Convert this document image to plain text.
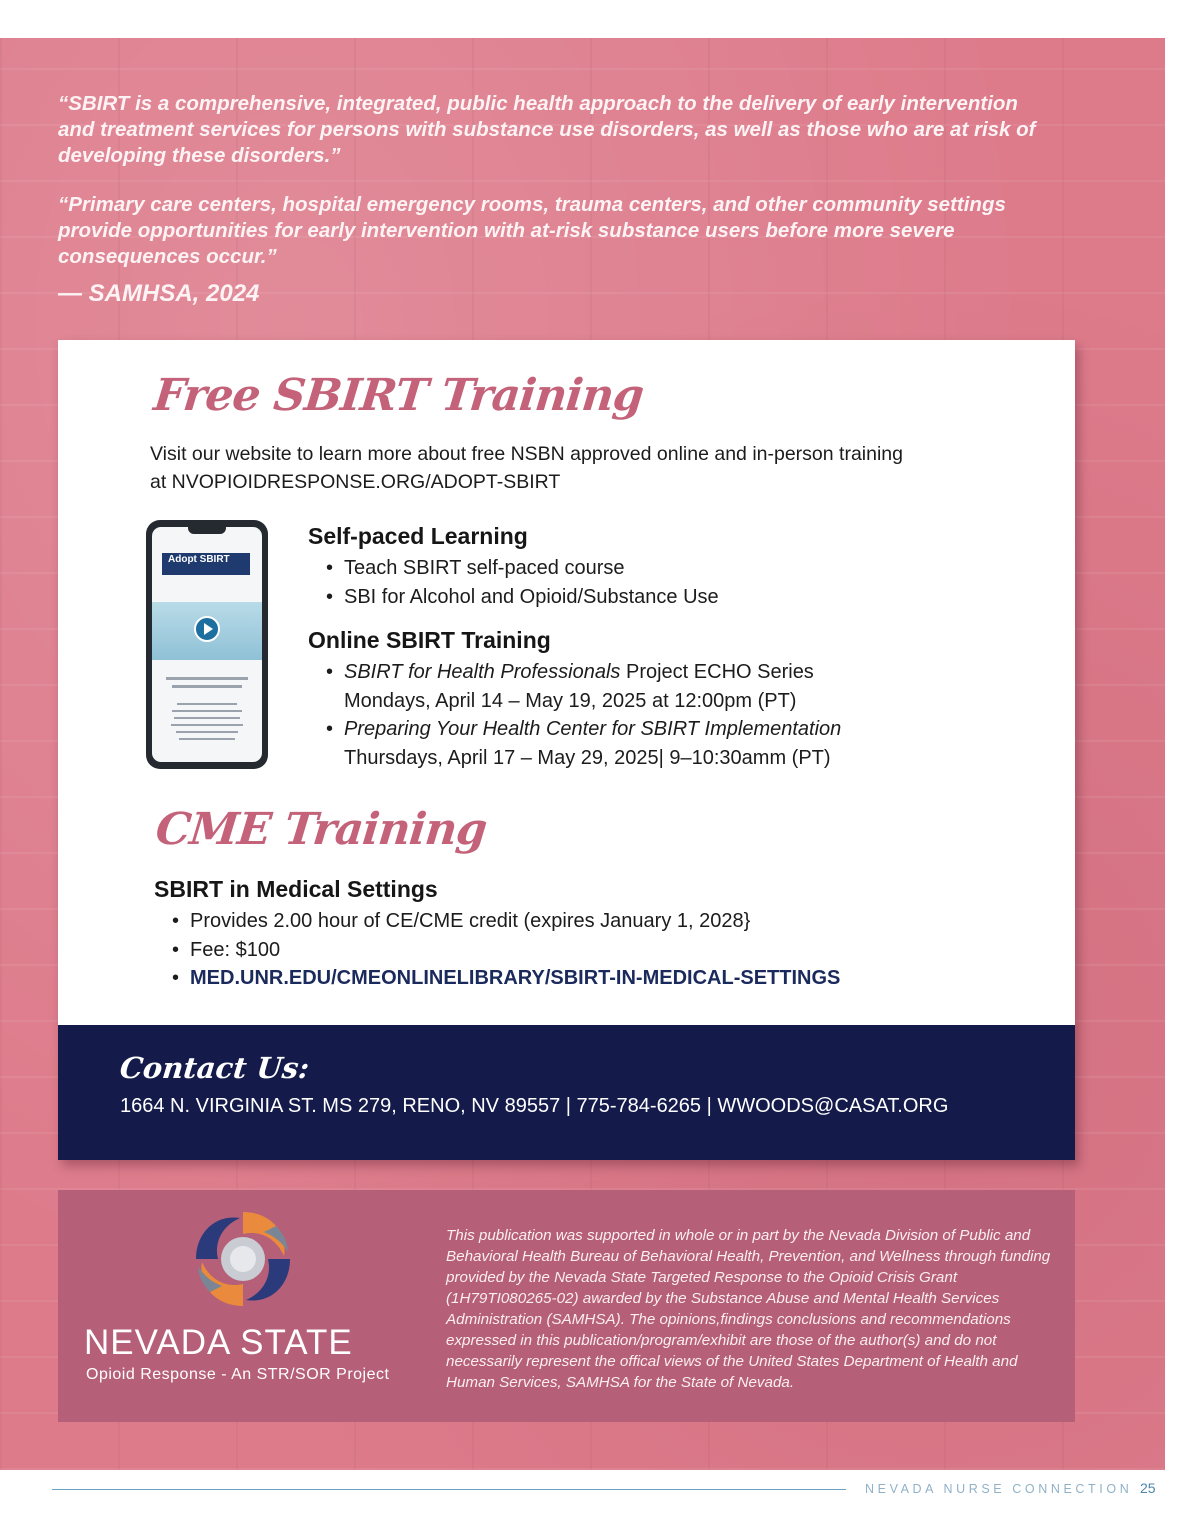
“SBIRT is a comprehensive, integrated, public health approach to the delivery of early intervention and treatment services for persons with substance use disorders, as well as those who are at risk of developing these disorders.”

“Primary care centers, hospital emergency rooms, trauma centers, and other community settings provide opportunities for early intervention with at-risk substance users before more severe consequences occur.”

— SAMHSA, 2024
Free SBIRT Training
Visit our website to learn more about free NSBN approved online and in-person training at NVOPIOIDRESPONSE.ORG/ADOPT-SBIRT
Adopt SBIRT
Self-paced Learning
• Teach SBIRT self-paced course
• SBI for Alcohol and Opioid/Substance Use
Online SBIRT Training
• SBIRT for Health Professionals Project ECHO Series
Mondays, April 14 – May 19, 2025 at 12:00pm (PT)
• Preparing Your Health Center for SBIRT Implementation
Thursdays, April 17 – May 29, 2025| 9–10:30amm (PT)
CME Training
SBIRT in Medical Settings
• Provides 2.00 hour of CE/CME credit (expires January 1, 2028}
• Fee: $100
• MED.UNR.EDU/CMEONLINELIBRARY/SBIRT-IN-MEDICAL-SETTINGS
Contact Us:
1664 N. VIRGINIA ST. MS 279, RENO, NV 89557 | 775-784-6265 | WWOODS@CASAT.ORG
NEVADA STATE
Opioid Response - An STR/SOR Project

This publication was supported in whole or in part by the Nevada Division of Public and Behavioral Health Bureau of Behavioral Health, Prevention, and Wellness through funding provided by the Nevada State Targeted Response to the Opioid Crisis Grant (1H79TI080265-02) awarded by the Substance Abuse and Mental Health Services Administration (SAMHSA). The opinions,findings conclusions and recommendations expressed in this publication/program/exhibit are those of the author(s) and do not necessarily represent the offical views of the United States Department of Health and Human Services, SAMHSA for the State of Nevada.

NEVADA NURSE CONNECTION 25
